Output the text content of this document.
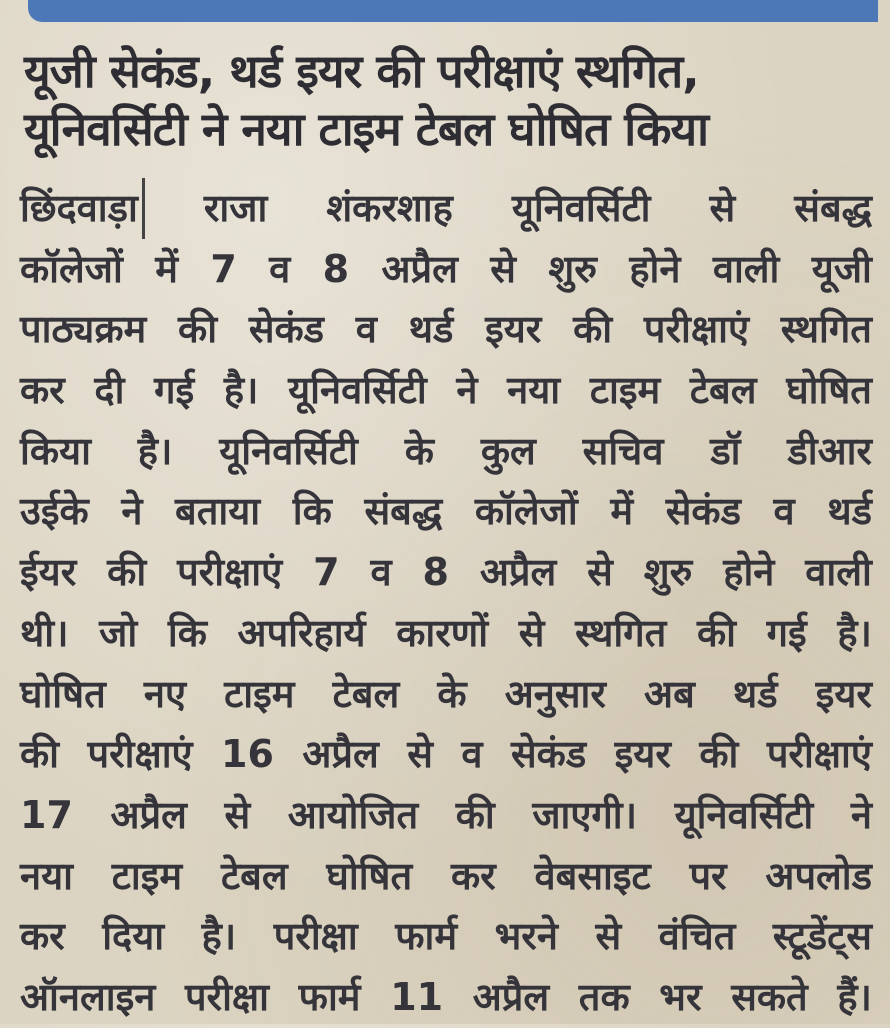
यूजी सेकंड, थर्ड इयर की परीक्षाएं स्थगित,
यूनिवर्सिटी ने नया टाइम टेबल घोषित किया
छिंदवाड़ा राजा शंकरशाह यूनिवर्सिटी से संबद्ध
कॉलेजों में 7 व 8 अप्रैल से शुरु होने वाली यूजी
पाठ्यक्रम की सेकंड व थर्ड इयर की परीक्षाएं स्थगित
कर दी गई है। यूनिवर्सिटी ने नया टाइम टेबल घोषित
किया है। यूनिवर्सिटी के कुल सचिव डॉ डीआर
उईके ने बताया कि संबद्ध कॉलेजों में सेकंड व थर्ड
ईयर की परीक्षाएं 7 व 8 अप्रैल से शुरु होने वाली
थी। जो कि अपरिहार्य कारणों से स्थगित की गई है।
घोषित नए टाइम टेबल के अनुसार अब थर्ड इयर
की परीक्षाएं 16 अप्रैल से व सेकंड इयर की परीक्षाएं
17 अप्रैल से आयोजित की जाएगी। यूनिवर्सिटी ने
नया टाइम टेबल घोषित कर वेबसाइट पर अपलोड
कर दिया है। परीक्षा फार्म भरने से वंचित स्टूडेंट्स
ऑनलाइन परीक्षा फार्म 11 अप्रैल तक भर सकते हैं।
